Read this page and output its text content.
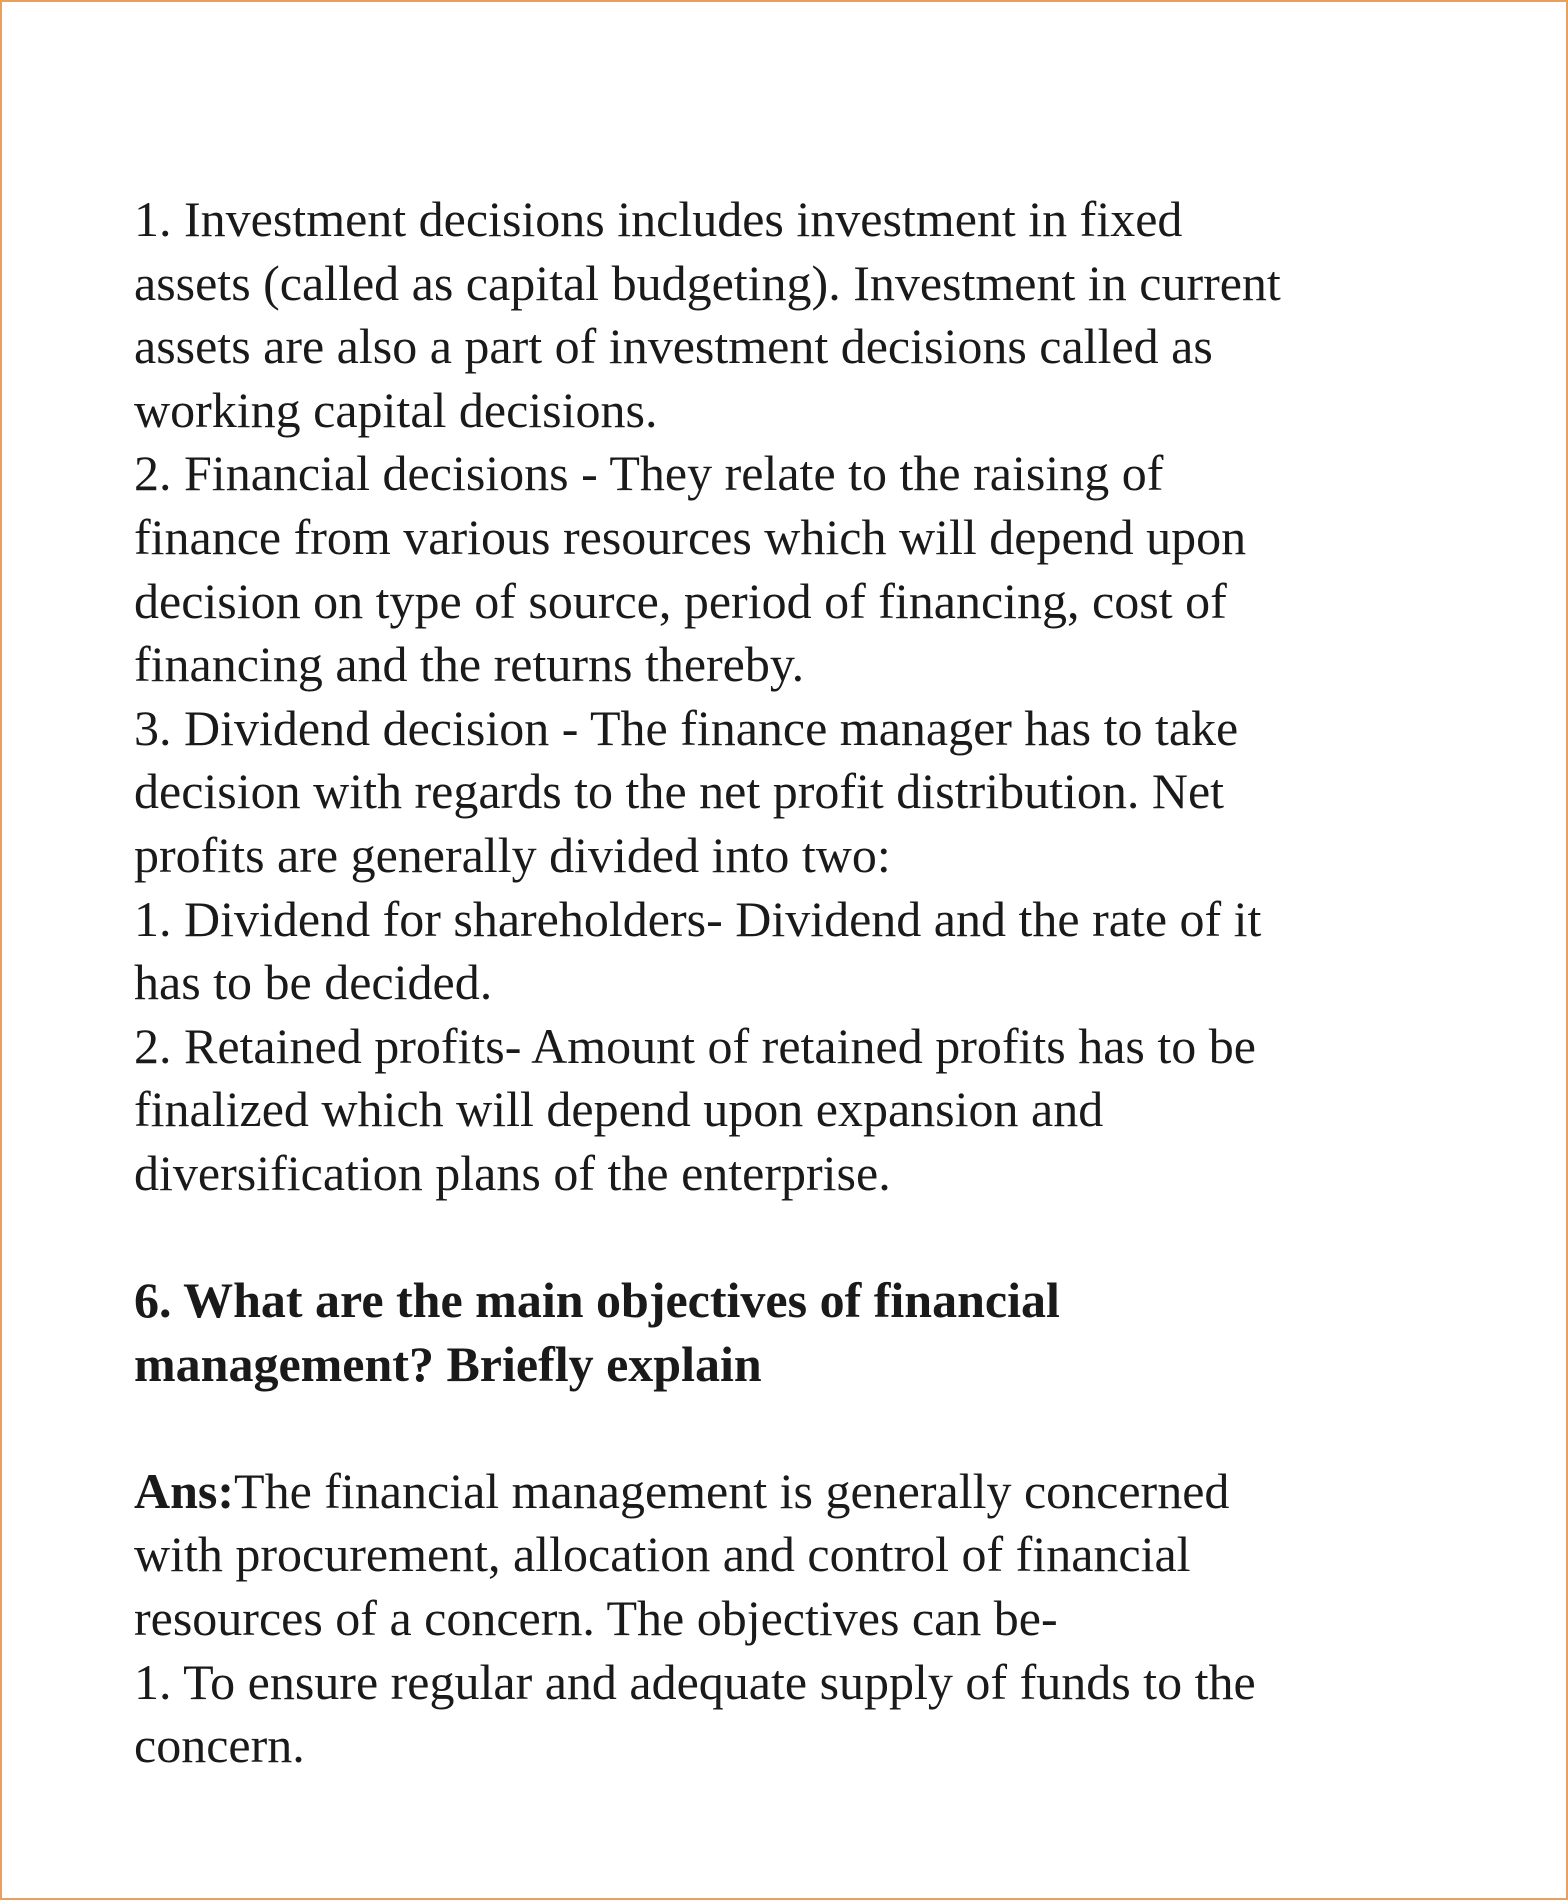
1. Investment decisions includes investment in fixed
assets (called as capital budgeting). Investment in current
assets are also a part of investment decisions called as
working capital decisions.
2. Financial decisions - They relate to the raising of
finance from various resources which will depend upon
decision on type of source, period of financing, cost of
financing and the returns thereby.
3. Dividend decision - The finance manager has to take
decision with regards to the net profit distribution. Net
profits are generally divided into two:
1. Dividend for shareholders- Dividend and the rate of it
has to be decided.
2. Retained profits- Amount of retained profits has to be
finalized which will depend upon expansion and
diversification plans of the enterprise.
6. What are the main objectives of financial
management? Briefly explain
Ans:The financial management is generally concerned
with procurement, allocation and control of financial
resources of a concern. The objectives can be-
1. To ensure regular and adequate supply of funds to the
concern.
